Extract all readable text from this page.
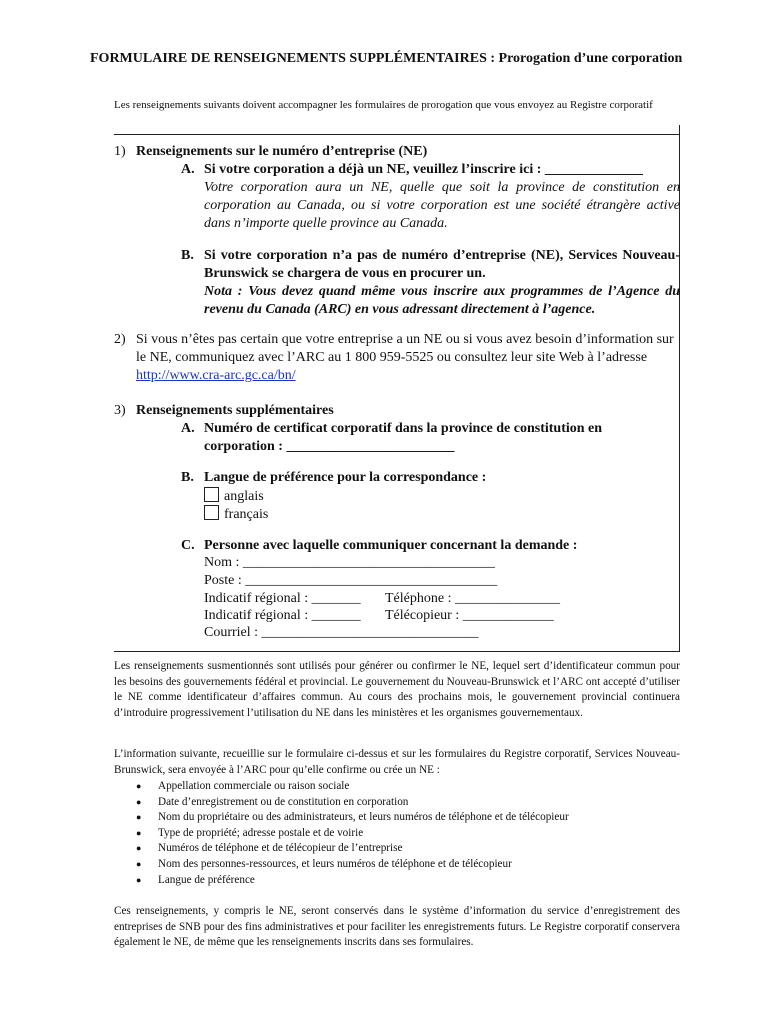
FORMULAIRE DE RENSEIGNEMENTS SUPPLÉMENTAIRES : Prorogation d’une corporation
Les renseignements suivants doivent accompagner les formulaires de prorogation que vous envoyez au Registre corporatif
1) Renseignements sur le numéro d’entreprise (NE)
A. Si votre corporation a déjà un NE, veuillez l’inscrire ici : ______________
Votre corporation aura un NE, quelle que soit la province de constitution en corporation au Canada, ou si votre corporation est une société étrangère active dans n’importe quelle province au Canada.
B. Si votre corporation n’a pas de numéro d’entreprise (NE), Services Nouveau-Brunswick se chargera de vous en procurer un.
Nota : Vous devez quand même vous inscrire aux programmes de l’Agence du revenu du Canada (ARC) en vous adressant directement à l’agence.
2) Si vous n’êtes pas certain que votre entreprise a un NE ou si vous avez besoin d’information sur le NE, communiquez avec l’ARC au 1 800 959-5525 ou consultez leur site Web à l’adresse http://www.cra-arc.gc.ca/bn/
3) Renseignements supplémentaires
A. Numéro de certificat corporatif dans la province de constitution en corporation : ________________________
B. Langue de préférence pour la correspondance :
anglais
français
C. Personne avec laquelle communiquer concernant la demande :
Nom : ____________________________________
Poste : ____________________________________
Indicatif régional : _______	Téléphone : _______________
Indicatif régional : _______	Télécopieur : _____________
Courriel : _______________________________
Les renseignements susmentionnés sont utilisés pour générer ou confirmer le NE, lequel sert d’identificateur commun pour les besoins des gouvernements fédéral et provincial. Le gouvernement du Nouveau-Brunswick et l’ARC ont accepté d’utiliser le NE comme identificateur d’affaires commun. Au cours des prochains mois, le gouvernement provincial continuera d’introduire progressivement l’utilisation du NE dans les ministères et les organismes gouvernementaux.
L’information suivante, recueillie sur le formulaire ci-dessus et sur les formulaires du Registre corporatif, Services Nouveau-Brunswick, sera envoyée à l’ARC pour qu’elle confirme ou crée un NE :
● Appellation commerciale ou raison sociale
● Date d’enregistrement ou de constitution en corporation
● Nom du propriétaire ou des administrateurs, et leurs numéros de téléphone et de télécopieur
● Type de propriété; adresse postale et de voirie
● Numéros de téléphone et de télécopieur de l’entreprise
● Nom des personnes-ressources, et leurs numéros de téléphone et de télécopieur
● Langue de préférence
Ces renseignements, y compris le NE, seront conservés dans le système d’information du service d’enregistrement des entreprises de SNB pour des fins administratives et pour faciliter les enregistrements futurs. Le Registre corporatif conservera également le NE, de même que les renseignements inscrits dans ses formulaires.
